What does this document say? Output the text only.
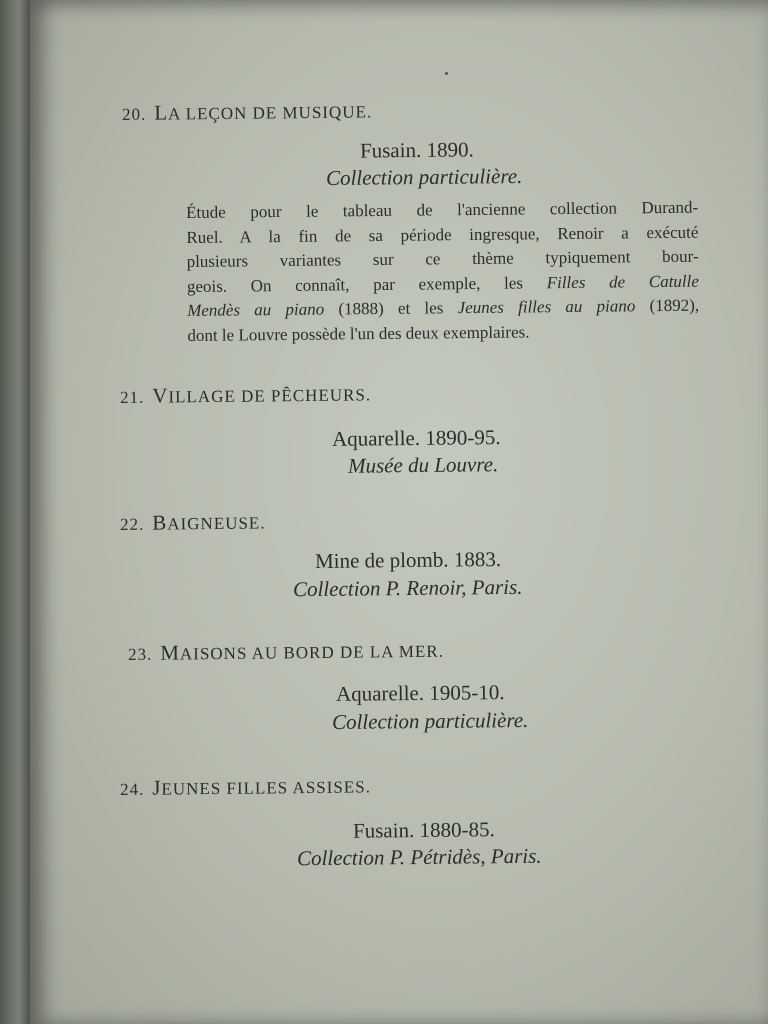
20. LA LEÇON DE MUSIQUE.
Fusain. 1890.
Collection particulière.
Étude pour le tableau de l'ancienne collection Durand-
Ruel. A la fin de sa période ingresque, Renoir a exécuté
plusieurs variantes sur ce thème typiquement bour-
geois. On connaît, par exemple, les Filles de Catulle
Mendès au piano (1888) et les Jeunes filles au piano (1892),
dont le Louvre possède l'un des deux exemplaires.
21. VILLAGE DE PÊCHEURS.
Aquarelle. 1890-95.
Musée du Louvre.
22. BAIGNEUSE.
Mine de plomb. 1883.
Collection P. Renoir, Paris.
23. MAISONS AU BORD DE LA MER.
Aquarelle. 1905-10.
Collection particulière.
24. JEUNES FILLES ASSISES.
Fusain. 1880-85.
Collection P. Pétridès, Paris.
